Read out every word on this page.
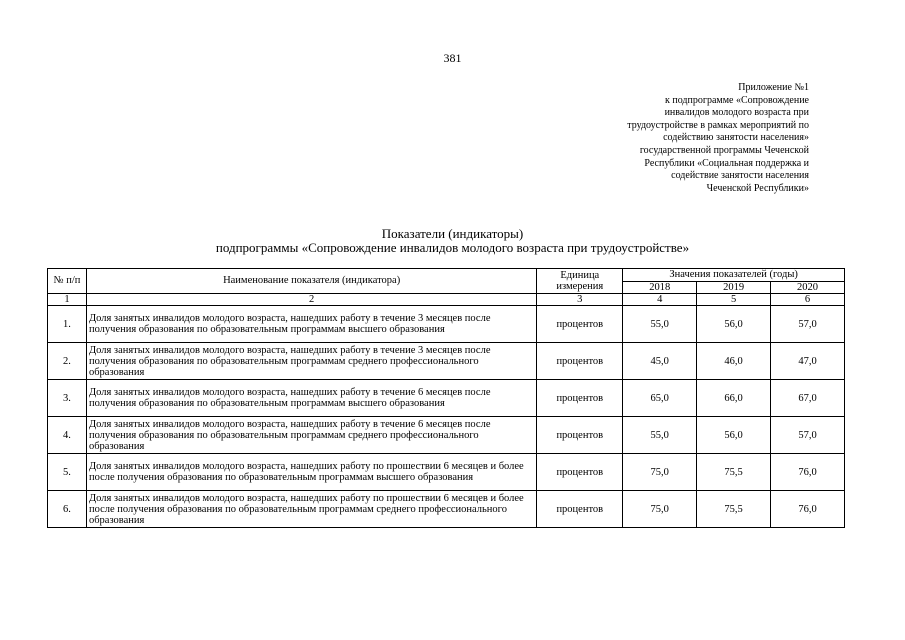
381
Приложение №1
к подпрограмме «Сопровождение
инвалидов молодого возраста при
трудоустройстве в рамках мероприятий по
содействию занятости населения»
государственной программы Чеченской
Республики «Социальная поддержка и
содействие занятости населения
Чеченской Республики»
Показатели (индикаторы)
подпрограммы «Сопровождение инвалидов молодого возраста при трудоустройстве»
№ п/п	Наименование показателя (индикатора)	Единица измерения	Значения показателей (годы)		
			2018	2019	2020
1	2	3	4	5	6
1.	Доля занятых инвалидов молодого возраста, нашедших работу в течение 3 месяцев после получения образования по образовательным программам высшего образования	процентов	55,0	56,0	57,0
2.	Доля занятых инвалидов молодого возраста, нашедших работу в течение 3 месяцев после получения образования по образовательным программам среднего профессионального образования	процентов	45,0	46,0	47,0
3.	Доля занятых инвалидов молодого возраста, нашедших работу в течение 6 месяцев после получения образования по образовательным программам высшего образования	процентов	65,0	66,0	67,0
4.	Доля занятых инвалидов молодого возраста, нашедших работу в течение 6 месяцев после получения образования по образовательным программам среднего профессионального образования	процентов	55,0	56,0	57,0
5.	Доля занятых инвалидов молодого возраста, нашедших работу по прошествии 6 месяцев и более после получения образования по образовательным программам высшего образования	процентов	75,0	75,5	76,0
6.	Доля занятых инвалидов молодого возраста, нашедших работу по прошествии 6 месяцев и более после получения образования по образовательным программам среднего профессионального образования	процентов	75,0	75,5	76,0
